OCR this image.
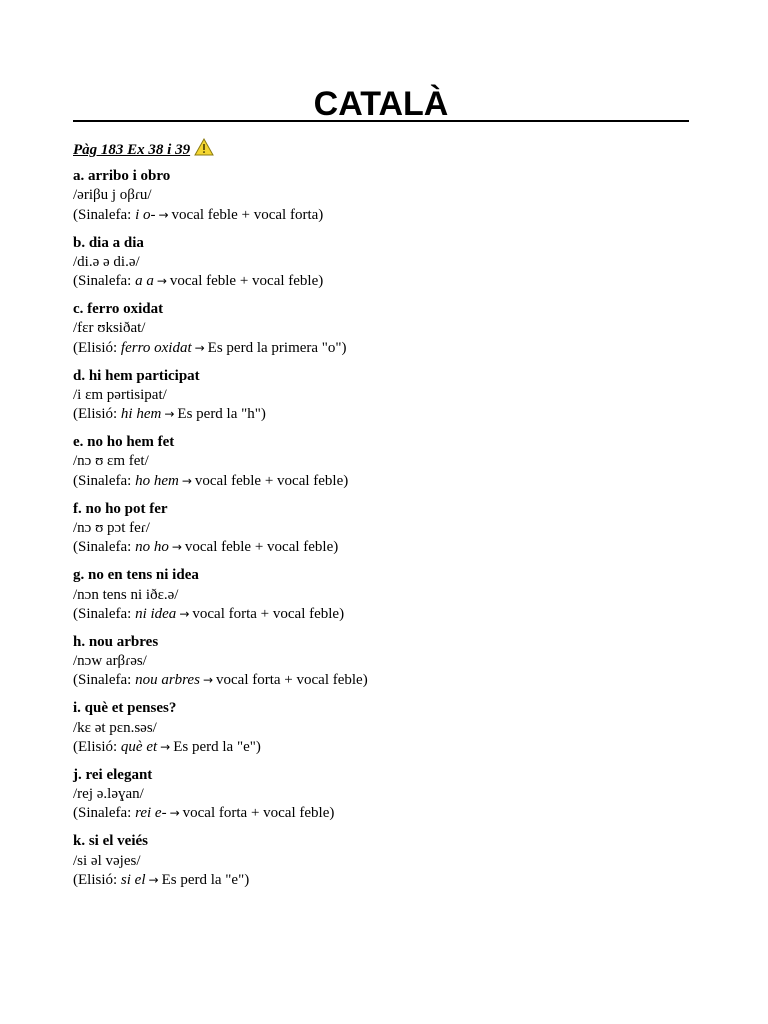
CATALÀ
Pàg 183 Ex 38 i 39
a. arribo i obro
/əriβu j oβɾu/
(Sinalefa: i o- → vocal feble + vocal forta)
b. dia a dia
/di.ə ə di.ə/
(Sinalefa: a a → vocal feble + vocal feble)
c. ferro oxidat
/fɛr ʊksiðat/
(Elisió: ferro oxidat → Es perd la primera "o")
d. hi hem participat
/i ɛm pərtisipat/
(Elisió: hi hem → Es perd la "h")
e. no ho hem fet
/nɔ ʊ ɛm fet/
(Sinalefa: ho hem → vocal feble + vocal feble)
f. no ho pot fer
/nɔ ʊ pɔt feɾ/
(Sinalefa: no ho → vocal feble + vocal feble)
g. no en tens ni idea
/nɔn tens ni iðɛ.ə/
(Sinalefa: ni idea → vocal forta + vocal feble)
h. nou arbres
/nɔw arβɾəs/
(Sinalefa: nou arbres → vocal forta + vocal feble)
i. què et penses?
/kɛ ət pɛn.səs/
(Elisió: què et → Es perd la "e")
j. rei elegant
/rej ə.ləɣan/
(Sinalefa: rei e- → vocal forta + vocal feble)
k. si el veiés
/si əl vəjes/
(Elisió: si el → Es perd la "e")
